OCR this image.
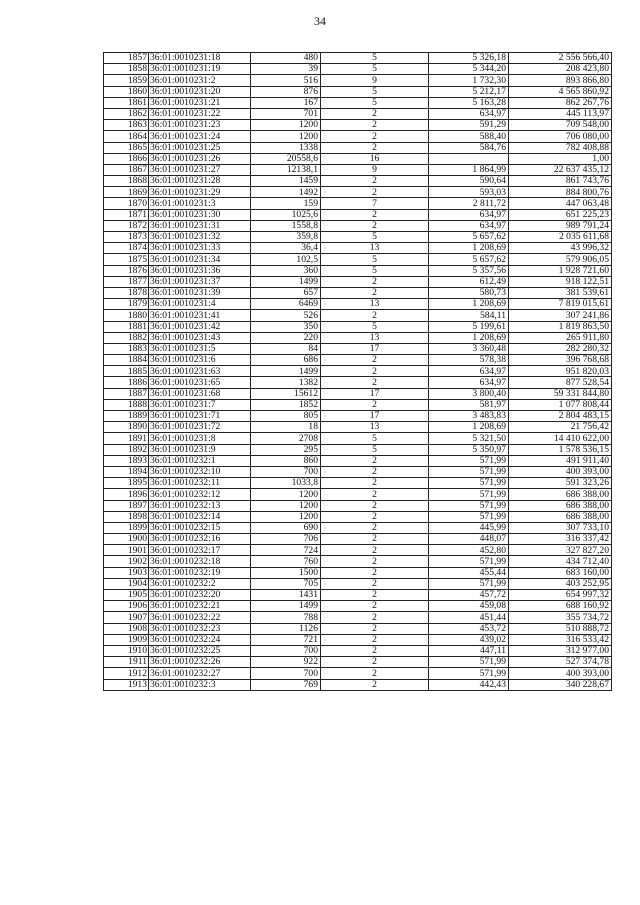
34
1857	36:01:0010231:18	480	5	5 326,18	2 556 566,40
1858	36:01:0010231:19	39	5	5 344,20	208 423,80
1859	36:01:0010231:2	516	9	1 732,30	893 866,80
1860	36:01:0010231:20	876	5	5 212,17	4 565 860,92
1861	36:01:0010231:21	167	5	5 163,28	862 267,76
1862	36:01:0010231:22	701	2	634,97	445 113,97
1863	36:01:0010231:23	1200	2	591,29	709 548,00
1864	36:01:0010231:24	1200	2	588,40	706 080,00
1865	36:01:0010231:25	1338	2	584,76	782 408,88
1866	36:01:0010231:26	20558,6	16		1,00
1867	36:01:0010231:27	12138,1	9	1 864,99	22 637 435,12
1868	36:01:0010231:28	1459	2	590,64	861 743,76
1869	36:01:0010231:29	1492	2	593,03	884 800,76
1870	36:01:0010231:3	159	7	2 811,72	447 063,48
1871	36:01:0010231:30	1025,6	2	634,97	651 225,23
1872	36:01:0010231:31	1558,8	2	634,97	989 791,24
1873	36:01:0010231:32	359,8	5	5 657,62	2 035 611,68
1874	36:01:0010231:33	36,4	13	1 208,69	43 996,32
1875	36:01:0010231:34	102,5	5	5 657,62	579 906,05
1876	36:01:0010231:36	360	5	5 357,56	1 928 721,60
1877	36:01:0010231:37	1499	2	612,49	918 122,51
1878	36:01:0010231:39	657	2	580,73	381 539,61
1879	36:01:0010231:4	6469	13	1 208,69	7 819 015,61
1880	36:01:0010231:41	526	2	584,11	307 241,86
1881	36:01:0010231:42	350	5	5 199,61	1 819 863,50
1882	36:01:0010231:43	220	13	1 208,69	265 911,80
1883	36:01:0010231:5	84	17	3 360,48	282 280,32
1884	36:01:0010231:6	686	2	578,38	396 768,68
1885	36:01:0010231:63	1499	2	634,97	951 820,03
1886	36:01:0010231:65	1382	2	634,97	877 528,54
1887	36:01:0010231:68	15612	17	3 800,40	59 331 844,80
1888	36:01:0010231:7	1852	2	581,97	1 077 808,44
1889	36:01:0010231:71	805	17	3 483,83	2 804 483,15
1890	36:01:0010231:72	18	13	1 208,69	21 756,42
1891	36:01:0010231:8	2708	5	5 321,50	14 410 622,00
1892	36:01:0010231:9	295	5	5 350,97	1 578 536,15
1893	36:01:0010232:1	860	2	571,99	491 911,40
1894	36:01:0010232:10	700	2	571,99	400 393,00
1895	36:01:0010232:11	1033,8	2	571,99	591 323,26
1896	36:01:0010232:12	1200	2	571,99	686 388,00
1897	36:01:0010232:13	1200	2	571,99	686 388,00
1898	36:01:0010232:14	1200	2	571,99	686 388,00
1899	36:01:0010232:15	690	2	445,99	307 733,10
1900	36:01:0010232:16	706	2	448,07	316 337,42
1901	36:01:0010232:17	724	2	452,80	327 827,20
1902	36:01:0010232:18	760	2	571,99	434 712,40
1903	36:01:0010232:19	1500	2	455,44	683 160,00
1904	36:01:0010232:2	705	2	571,99	403 252,95
1905	36:01:0010232:20	1431	2	457,72	654 997,32
1906	36:01:0010232:21	1499	2	459,08	688 160,92
1907	36:01:0010232:22	788	2	451,44	355 734,72
1908	36:01:0010232:23	1126	2	453,72	510 888,72
1909	36:01:0010232:24	721	2	439,02	316 533,42
1910	36:01:0010232:25	700	2	447,11	312 977,00
1911	36:01:0010232:26	922	2	571,99	527 374,78
1912	36:01:0010232:27	700	2	571,99	400 393,00
1913	36:01:0010232:3	769	2	442,43	340 228,67
